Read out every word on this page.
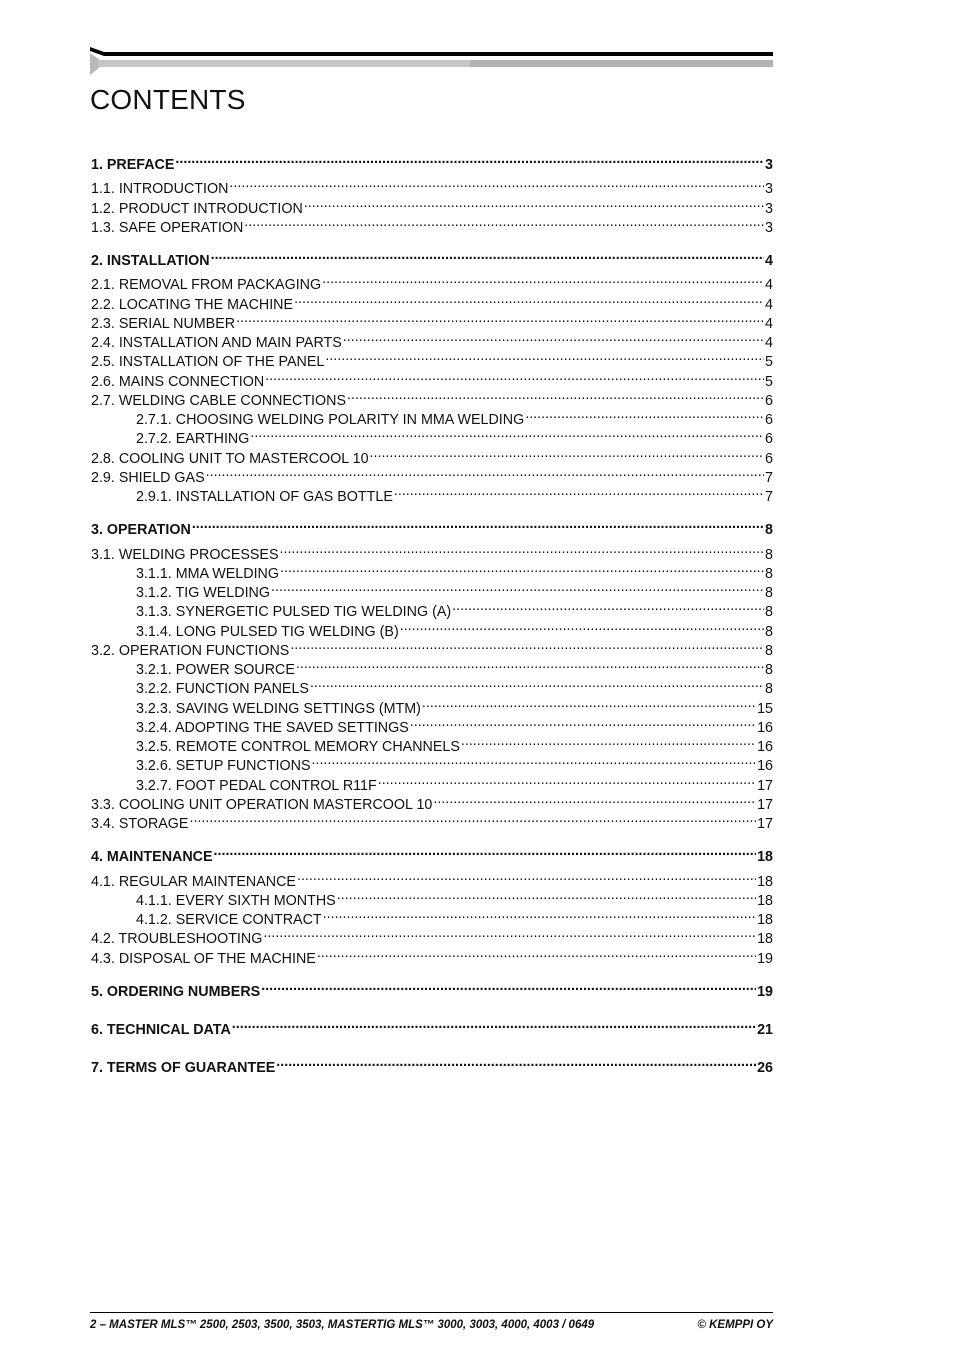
CONTENTS
1. PREFACE .....	3
1.1. INTRODUCTION .....	3
1.2. PRODUCT INTRODUCTION .....	3
1.3. SAFE OPERATION .....	3
2. INSTALLATION .....	4
2.1. REMOVAL FROM PACKAGING .....	4
2.2. LOCATING THE MACHINE .....	4
2.3. SERIAL NUMBER .....	4
2.4. INSTALLATION AND MAIN PARTS .....	4
2.5. INSTALLATION OF THE PANEL .....	5
2.6. MAINS CONNECTION .....	5
2.7. WELDING CABLE CONNECTIONS .....	6
2.7.1. CHOOSING WELDING POLARITY IN MMA WELDING .....	6
2.7.2. EARTHING .....	6
2.8. COOLING UNIT TO MASTERCOOL 10 .....	6
2.9. SHIELD GAS .....	7
2.9.1. INSTALLATION OF GAS BOTTLE .....	7
3. OPERATION .....	8
3.1. WELDING PROCESSES .....	8
3.1.1. MMA WELDING .....	8
3.1.2. TIG WELDING .....	8
3.1.3. SYNERGETIC PULSED TIG WELDING (A) .....	8
3.1.4. LONG PULSED TIG WELDING (B) .....	8
3.2. OPERATION FUNCTIONS .....	8
3.2.1. POWER SOURCE .....	8
3.2.2. FUNCTION PANELS .....	8
3.2.3. SAVING WELDING SETTINGS (MTM) .....	15
3.2.4. ADOPTING THE SAVED SETTINGS .....	16
3.2.5. REMOTE CONTROL MEMORY CHANNELS .....	16
3.2.6. SETUP FUNCTIONS .....	16
3.2.7. FOOT PEDAL CONTROL R11F .....	17
3.3. COOLING UNIT OPERATION MASTERCOOL 10 .....	17
3.4. STORAGE .....	17
4. MAINTENANCE .....	18
4.1. REGULAR MAINTENANCE .....	18
4.1.1. EVERY SIXTH MONTHS .....	18
4.1.2. SERVICE CONTRACT .....	18
4.2. TROUBLESHOOTING .....	18
4.3. DISPOSAL OF THE MACHINE .....	19
5. ORDERING NUMBERS .....	19
6. TECHNICAL DATA .....	21
7. TERMS OF GUARANTEE .....	26
2 – MASTER MLS™ 2500, 2503, 3500, 3503, MASTERTIG MLS™ 3000, 3003, 4000, 4003 / 0649	© KEMPPI OY
